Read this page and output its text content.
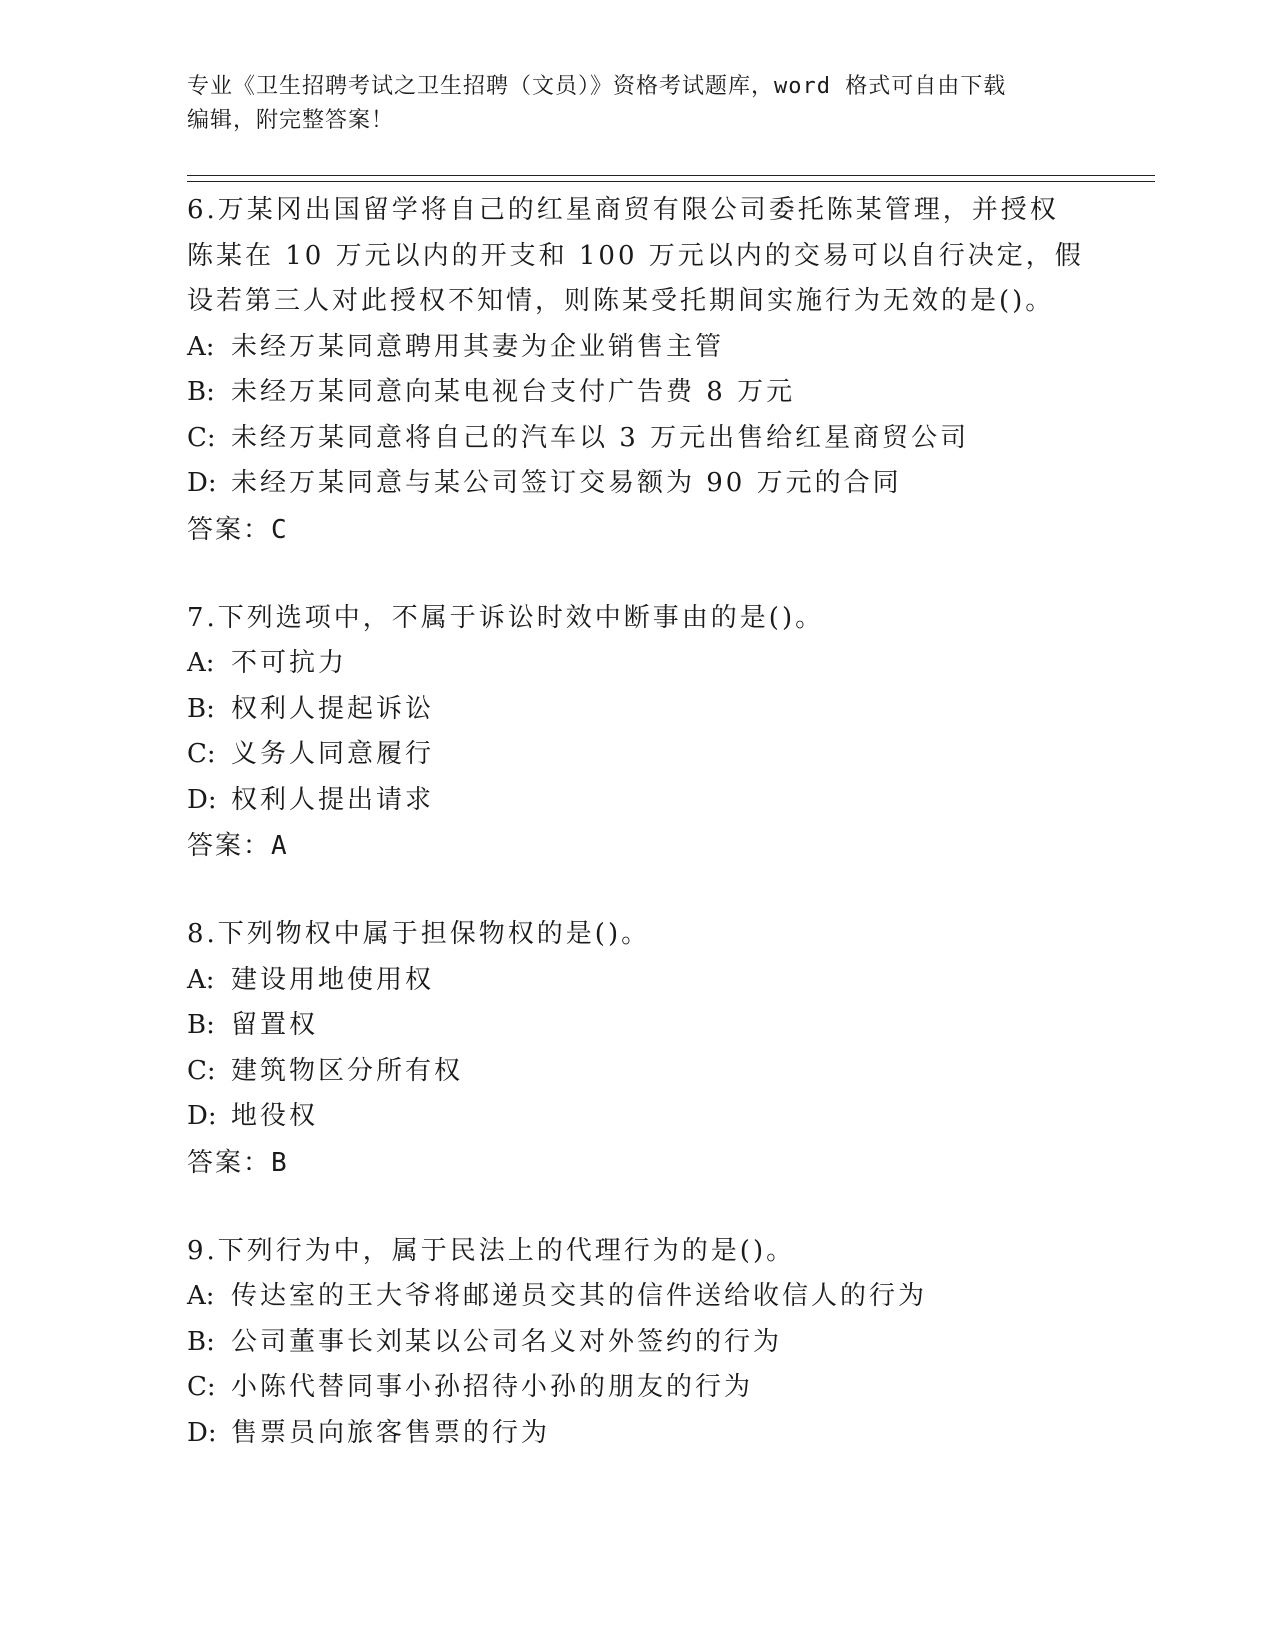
专业《卫生招聘考试之卫生招聘（文员）》资格考试题库，word 格式可自由下载
编辑，附完整答案！
6.万某冈出国留学将自己的红星商贸有限公司委托陈某管理，并授权陈某在 10 万元以内的开支和 100 万元以内的交易可以自行决定，假设若第三人对此授权不知情，则陈某受托期间实施行为无效的是()。
A: 未经万某同意聘用其妻为企业销售主管
B: 未经万某同意向某电视台支付广告费 8 万元
C: 未经万某同意将自己的汽车以 3 万元出售给红星商贸公司
D: 未经万某同意与某公司签订交易额为 90 万元的合同
答案：C
7.下列选项中，不属于诉讼时效中断事由的是()。
A: 不可抗力
B: 权利人提起诉讼
C: 义务人同意履行
D: 权利人提出请求
答案：A
8.下列物权中属于担保物权的是()。
A: 建设用地使用权
B: 留置权
C: 建筑物区分所有权
D: 地役权
答案：B
9.下列行为中，属于民法上的代理行为的是()。
A: 传达室的王大爷将邮递员交其的信件送给收信人的行为
B: 公司董事长刘某以公司名义对外签约的行为
C: 小陈代替同事小孙招待小孙的朋友的行为
D: 售票员向旅客售票的行为
